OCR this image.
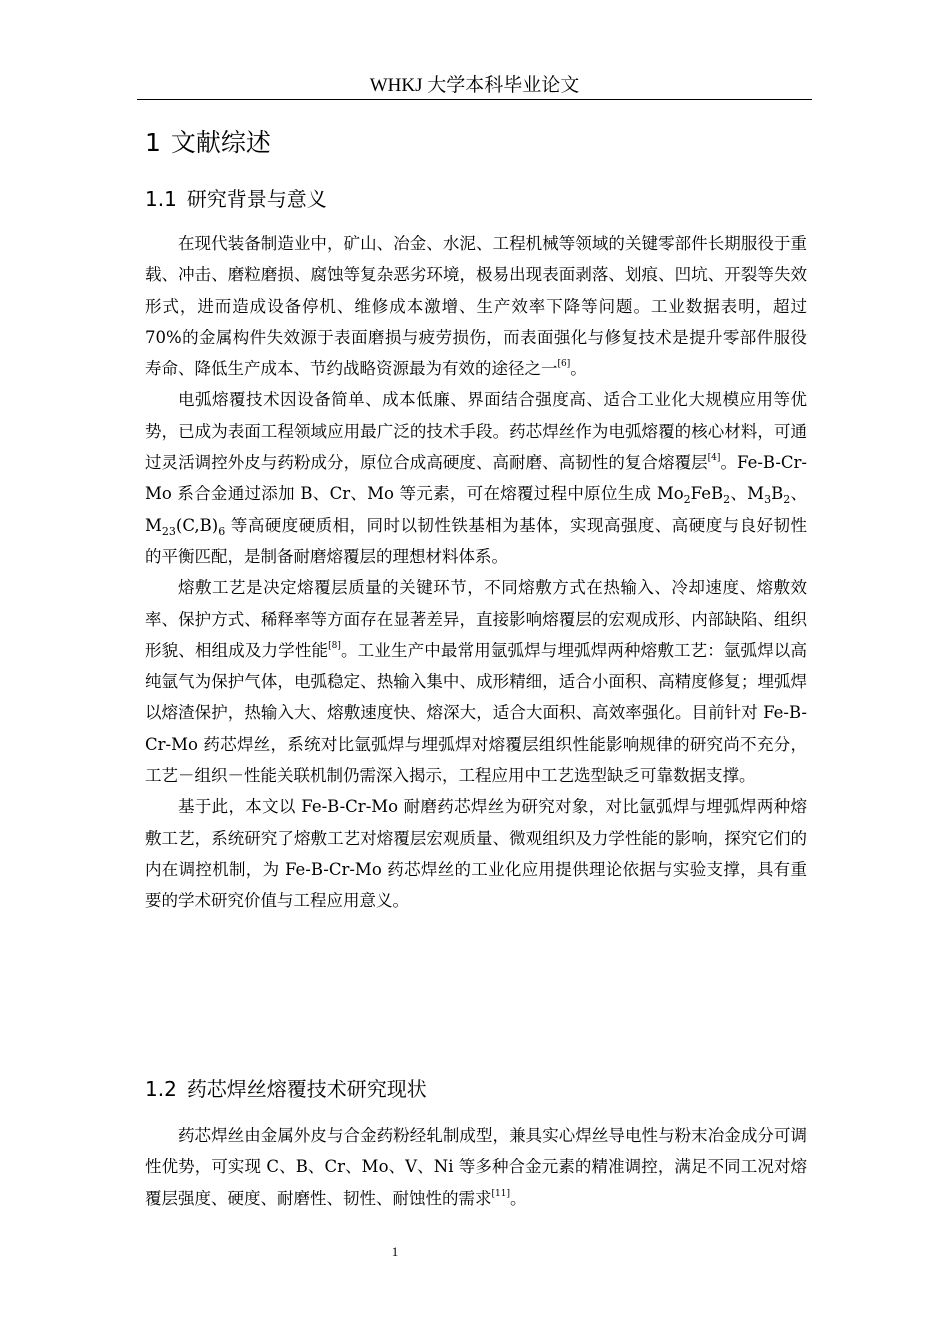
WHKJ 大学本科毕业论文
1 文献综述
1.1 研究背景与意义

在现代装备制造业中，矿山、冶金、水泥、工程机械等领域的关键零部件长期服役于重载、冲击、磨粒磨损、腐蚀等复杂恶劣环境，极易出现表面剥落、划痕、凹坑、开裂等失效形式，进而造成设备停机、维修成本激增、生产效率下降等问题。工业数据表明，超过 70%的金属构件失效源于表面磨损与疲劳损伤，而表面强化与修复技术是提升零部件服役寿命、降低生产成本、节约战略资源最为有效的途径之一[6]。

电弧熔覆技术因设备简单、成本低廉、界面结合强度高、适合工业化大规模应用等优势，已成为表面工程领域应用最广泛的技术手段。药芯焊丝作为电弧熔覆的核心材料，可通过灵活调控外皮与药粉成分，原位合成高硬度、高耐磨、高韧性的复合熔覆层[4]。Fe-B-Cr-Mo 系合金通过添加 B、Cr、Mo 等元素，可在熔覆过程中原位生成 $Mo_2FeB_2$、$M_3B_2$、$M_{23}(C,B)_6$ 等高硬度硬质相，同时以韧性铁基相为基体，实现高强度、高硬度与良好韧性的平衡匹配，是制备耐磨熔覆层的理想材料体系。

熔敷工艺是决定熔覆层质量的关键环节，不同熔敷方式在热输入、冷却速度、熔敷效率、保护方式、稀释率等方面存在显著差异，直接影响熔覆层的宏观成形、内部缺陷、组织形貌、相组成及力学性能[8]。工业生产中最常用氩弧焊与埋弧焊两种熔敷工艺：氩弧焊以高纯氩气为保护气体，电弧稳定、热输入集中、成形精细，适合小面积、高精度修复；埋弧焊以熔渣保护，热输入大、熔敷速度快、熔深大，适合大面积、高效率强化。目前针对 Fe-B-Cr-Mo 药芯焊丝，系统对比氩弧焊与埋弧焊对熔覆层组织性能影响规律的研究尚不充分，工艺－组织－性能关联机制仍需深入揭示，工程应用中工艺选型缺乏可靠数据支撑。

基于此，本文以 Fe-B-Cr-Mo 耐磨药芯焊丝为研究对象，对比氩弧焊与埋弧焊两种熔敷工艺，系统研究了熔敷工艺对熔覆层宏观质量、微观组织及力学性能的影响，探究它们的内在调控机制，为 Fe-B-Cr-Mo 药芯焊丝的工业化应用提供理论依据与实验支撑，具有重要的学术研究价值与工程应用意义。

1.2 药芯焊丝熔覆技术研究现状

药芯焊丝由金属外皮与合金药粉经轧制成型，兼具实心焊丝导电性与粉末冶金成分可调性优势，可实现 C、B、Cr、Mo、V、Ni 等多种合金元素的精准调控，满足不同工况对熔覆层强度、硬度、耐磨性、韧性、耐蚀性的需求[11]。

1
